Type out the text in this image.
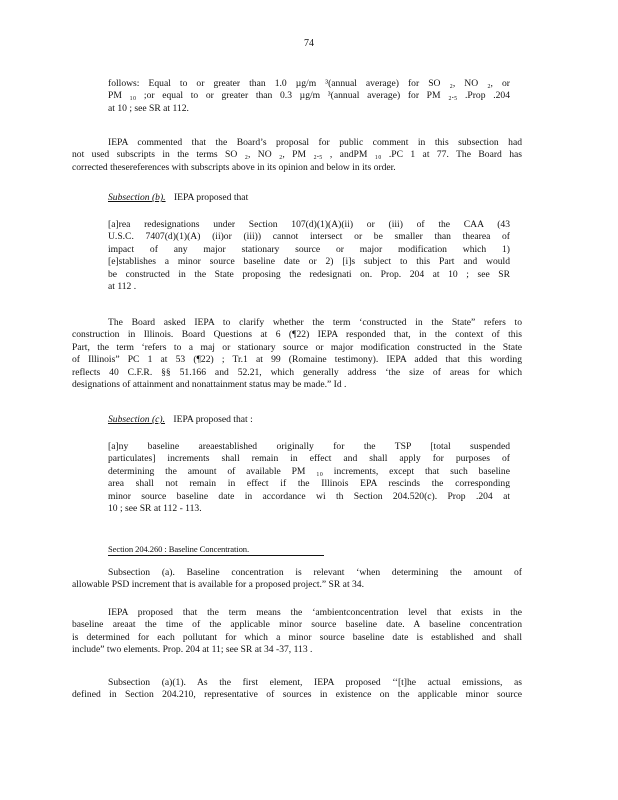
74
follows: Equal to or greater than 1.0 µg/m ³(annual average) for SO ₂, NO ₂, or
PM ₁₀ ;or equal to or greater than 0.3 µg/m ³(annual average) for PM ₂.₅ .Prop .204
at 10 ; see SR at 112.
IEPA commented that the Board’s proposal for public comment in this subsection had
not used subscripts in the terms SO ₂, NO ₂, PM ₂.₅ , andPM ₁₀ .PC 1 at 77. The Board has
corrected thesereferences with subscripts above in its opinion and below in its order.
[a]rea redesignations under Section 107(d)(1)(A)(ii) or (iii) of the CAA (43
U.S.C. 7407(d)(1)(A) (ii)or (iii)) cannot intersect or be smaller than thearea of
impact of any major stationary source or major modification which 1)
[e]stablishes a minor source baseline date or 2) [i]s subject to this Part and would
be constructed in the State proposing the redesignati on. Prop. 204 at 10 ; see SR
at 112 .
The Board asked IEPA to clarify whether the term ‘constructed in the State” refers to
construction in Illinois. Board Questions at 6 (¶22) IEPA responded that, in the context of this
Part, the term ‘refers to a maj or stationary source or major modification constructed in the State
of Illinois” PC 1 at 53 (¶22) ; Tr.1 at 99 (Romaine testimony). IEPA added that this wording
reflects 40 C.F.R. §§ 51.166 and 52.21, which generally address ‘the size of areas for which
designations of attainment and nonattainment status may be made.” Id .
[a]ny baseline areaestablished originally for the TSP [total suspended
particulates] increments shall remain in effect and shall apply for purposes of
determining the amount of available PM ₁₀ increments, except that such baseline
area shall not remain in effect if the Illinois EPA rescinds the corresponding
minor source baseline date in accordance wi th Section 204.520(c). Prop .204 at
10 ; see SR at 112 - 113.
Subsection (a). Baseline concentration is relevant ‘when determining the amount of
allowable PSD increment that is available for a proposed project.” SR at 34.
IEPA proposed that the term means the ‘ambientconcentration level that exists in the
baseline areaat the time of the applicable minor source baseline date. A baseline concentration
is determined for each pollutant for which a minor source baseline date is established and shall
include” two elements. Prop. 204 at 11; see SR at 34 -37, 113 .
Subsection (a)(1). As the first element, IEPA proposed ‘‘[t]he actual emissions, as
defined in Section 204.210, representative of sources in existence on the applicable minor source
Subsection (b). IEPA proposed that
Subsection (c). IEPA proposed that :
Section 204.260 : Baseline Concentration.
